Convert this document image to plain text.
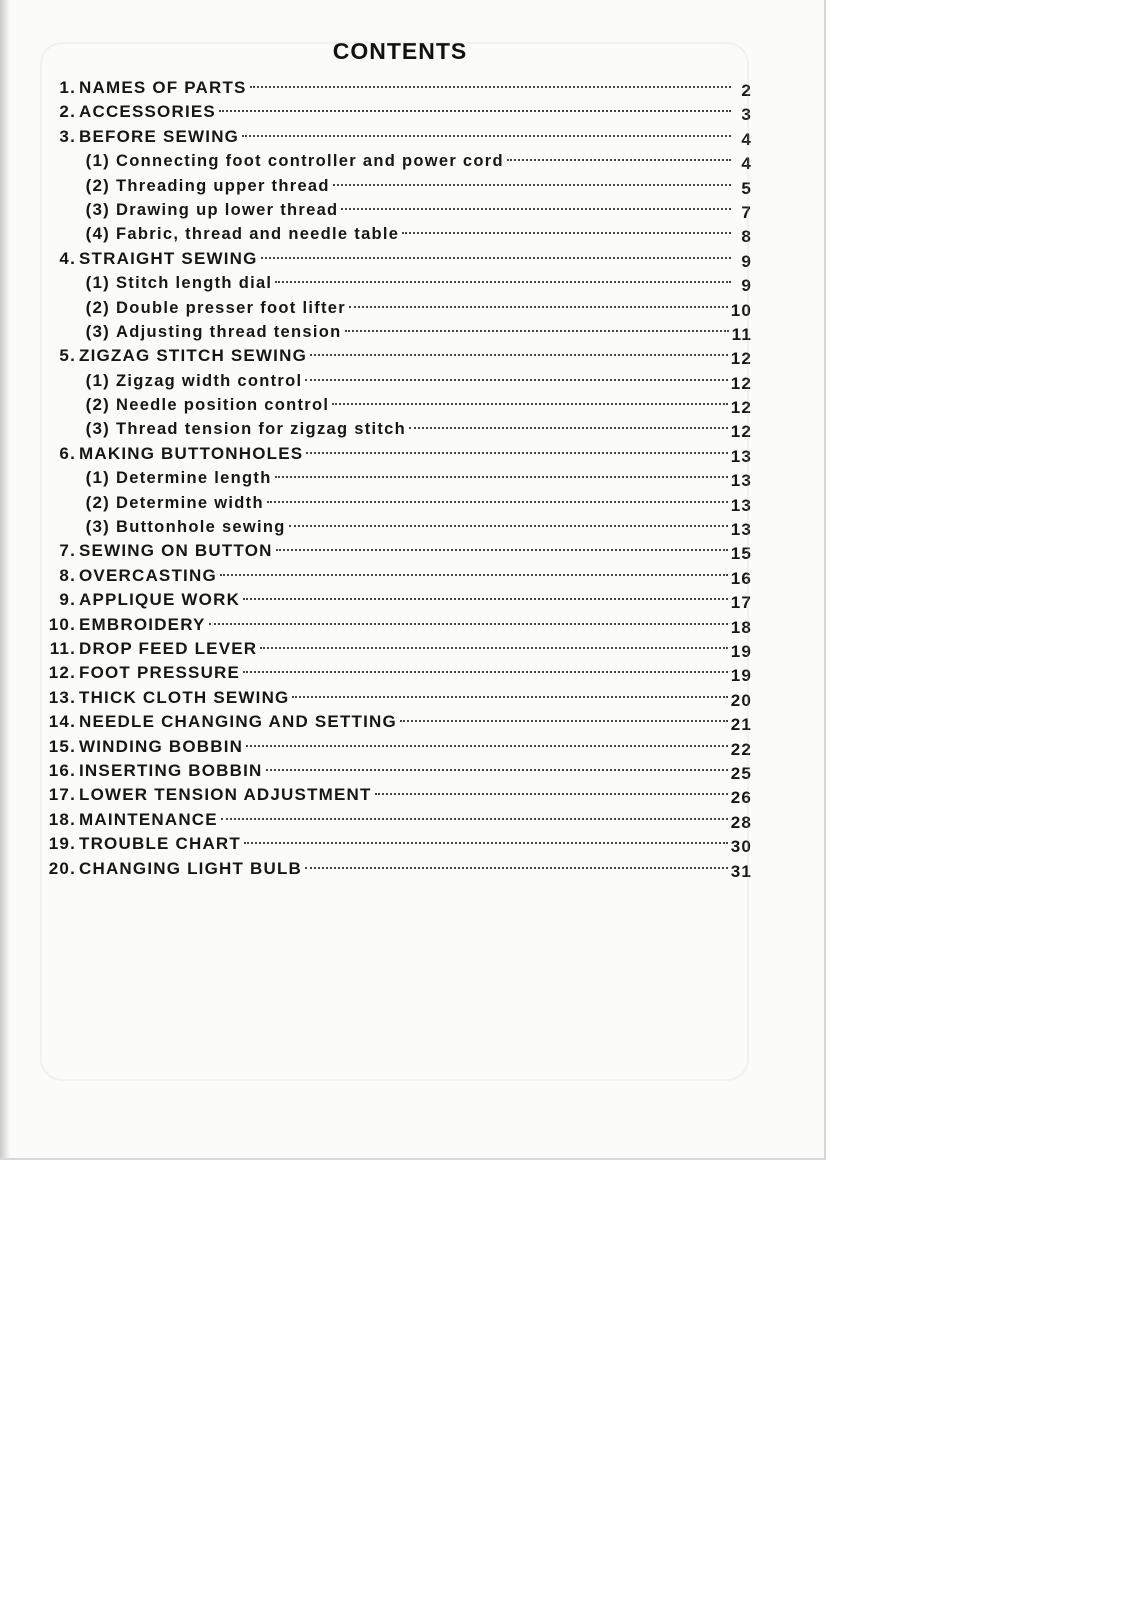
CONTENTS
1. NAMES OF PARTS	2
2. ACCESSORIES	3
3. BEFORE SEWING	4
(1) Connecting foot controller and power cord	4
(2) Threading upper thread	5
(3) Drawing up lower thread	7
(4) Fabric, thread and needle table	8
4. STRAIGHT SEWING	9
(1) Stitch length dial	9
(2) Double presser foot lifter	10
(3) Adjusting thread tension	11
5. ZIGZAG STITCH SEWING	12
(1) Zigzag width control	12
(2) Needle position control	12
(3) Thread tension for zigzag stitch	12
6. MAKING BUTTONHOLES	13
(1) Determine length	13
(2) Determine width	13
(3) Buttonhole sewing	13
7. SEWING ON BUTTON	15
8. OVERCASTING	16
9. APPLIQUE WORK	17
10. EMBROIDERY	18
11. DROP FEED LEVER	19
12. FOOT PRESSURE	19
13. THICK CLOTH SEWING	20
14. NEEDLE CHANGING AND SETTING	21
15. WINDING BOBBIN	22
16. INSERTING BOBBIN	25
17. LOWER TENSION ADJUSTMENT	26
18. MAINTENANCE	28
19. TROUBLE CHART	30
20. CHANGING LIGHT BULB	31
